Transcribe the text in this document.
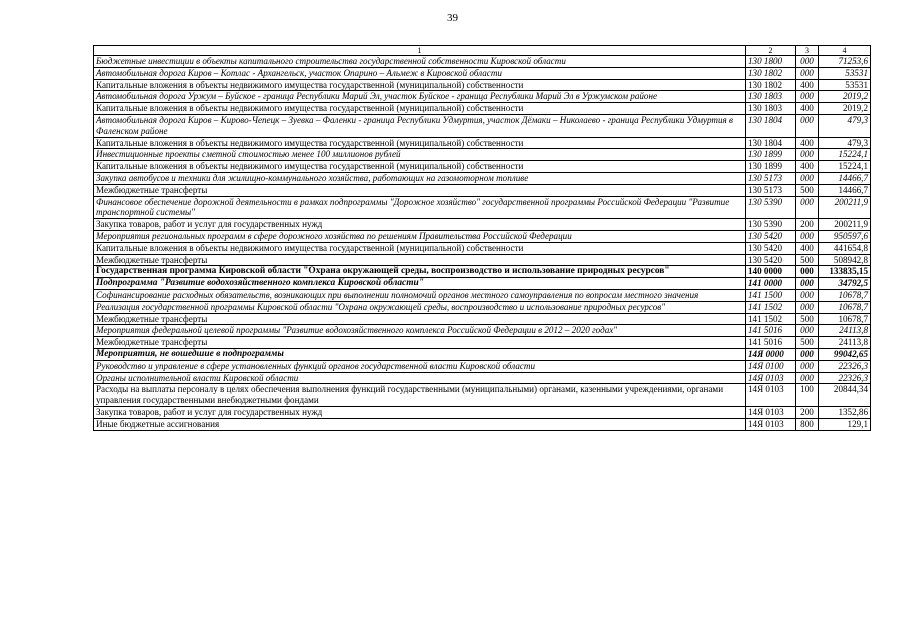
39
1	2	3	4
Бюджетные инвестиции в объекты капитального строительства государственной собственности Кировской области	130 1800	000	71253,6
Автомобильная дорога Киров – Котлас - Архангельск, участок Опарино – Альмеж в Кировской области	130 1802	000	53531
Капитальные вложения в объекты недвижимого имущества государственной (муниципальной) собственности	130 1802	400	53531
Автомобильная дорога Уржум – Буйское - граница Республики Марий Эл, участок Буйское - граница Республики Марий Эл в Уржумском районе	130 1803	000	2019,2
Капитальные вложения в объекты недвижимого имущества государственной (муниципальной) собственности	130 1803	400	2019,2
Автомобильная дорога Киров – Кирово-Чепецк – Зуевка – Фаленки - граница Республики Удмуртия, участок Дёмаки – Николаево - граница Республики Удмуртия в Фаленском районе	130 1804	000	479,3
Капитальные вложения в объекты недвижимого имущества государственной (муниципальной) собственности	130 1804	400	479,3
Инвестиционные проекты сметной стоимостью менее 100 миллионов рублей	130 1899	000	15224,1
Капитальные вложения в объекты недвижимого имущества государственной (муниципальной) собственности	130 1899	400	15224,1
Закупка автобусов и техники для жилищно-коммунального хозяйства, работающих на газомоторном топливе	130 5173	000	14466,7
Межбюджетные трансферты	130 5173	500	14466,7
Финансовое обеспечение дорожной деятельности в рамках подпрограммы "Дорожное хозяйство" государственной программы Российской Федерации "Развитие транспортной системы"	130 5390	000	200211,9
Закупка товаров, работ и услуг для государственных нужд	130 5390	200	200211,9
Мероприятия региональных программ в сфере дорожного хозяйства по решениям Правительства Российской Федерации	130 5420	000	950597,6
Капитальные вложения в объекты недвижимого имущества государственной (муниципальной) собственности	130 5420	400	441654,8
Межбюджетные трансферты	130 5420	500	508942,8
Государственная программа Кировской области "Охрана окружающей среды, воспроизводство и использование природных ресурсов"	140 0000	000	133835,15
Подпрограмма "Развитие водохозяйственного комплекса Кировской области"	141 0000	000	34792,5
Софинансирование расходных обязательств, возникающих при выполнении полномочий органов местного самоуправления по вопросам местного значения	141 1500	000	10678,7
Реализация государственной программы Кировской области "Охрана окружающей среды, воспроизводство и использование природных ресурсов"	141 1502	000	10678,7
Межбюджетные трансферты	141 1502	500	10678,7
Мероприятия федеральной целевой программы "Развитие водохозяйственного комплекса Российской Федерации в 2012 – 2020 годах"	141 5016	000	24113,8
Межбюджетные трансферты	141 5016	500	24113,8
Мероприятия, не вошедшие в подпрограммы	14Я 0000	000	99042,65
Руководство и управление в сфере установленных функций органов государственной власти Кировской области	14Я 0100	000	22326,3
Органы исполнительной власти Кировской области	14Я 0103	000	22326,3
Расходы на выплаты персоналу в целях обеспечения выполнения функций государственными (муниципальными) органами, казенными учреждениями, органами управления государственными внебюджетными фондами	14Я 0103	100	20844,34
Закупка товаров, работ и услуг для государственных нужд	14Я 0103	200	1352,86
Иные бюджетные ассигнования	14Я 0103	800	129,1
